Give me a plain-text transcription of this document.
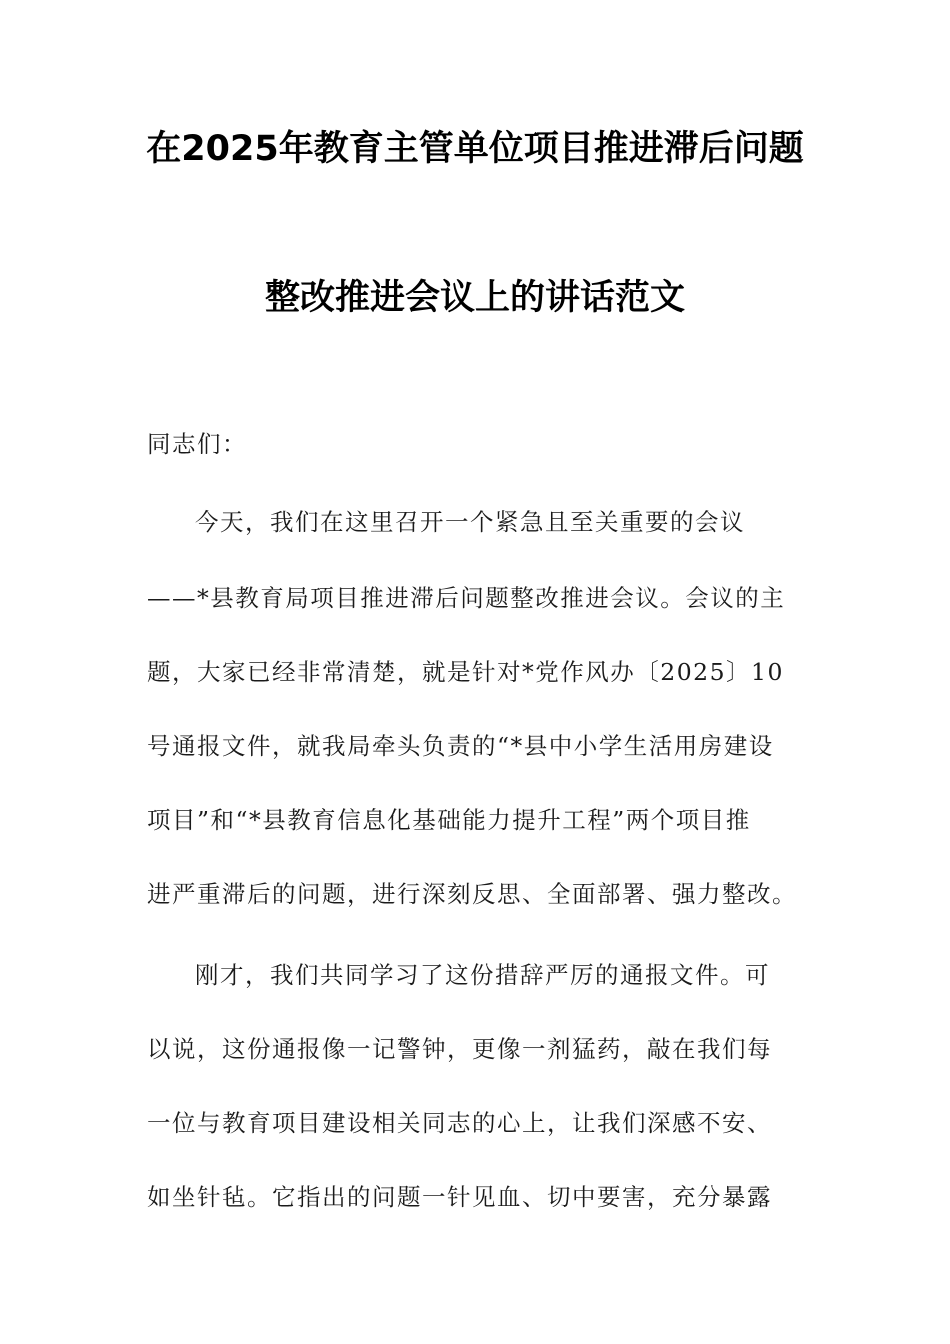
在2025年教育主管单位项目推进滞后问题
整改推进会议上的讲话范文
同志们：
今天，我们在这里召开一个紧急且至关重要的会议
——*县教育局项目推进滞后问题整改推进会议。会议的主
题，大家已经非常清楚，就是针对*党作风办〔2025〕10
号通报文件，就我局牵头负责的“*县中小学生活用房建设
项目”和“*县教育信息化基础能力提升工程”两个项目推
进严重滞后的问题，进行深刻反思、全面部署、强力整改。
刚才，我们共同学习了这份措辞严厉的通报文件。可
以说，这份通报像一记警钟，更像一剂猛药，敲在我们每
一位与教育项目建设相关同志的心上，让我们深感不安、
如坐针毡。它指出的问题一针见血、切中要害，充分暴露
